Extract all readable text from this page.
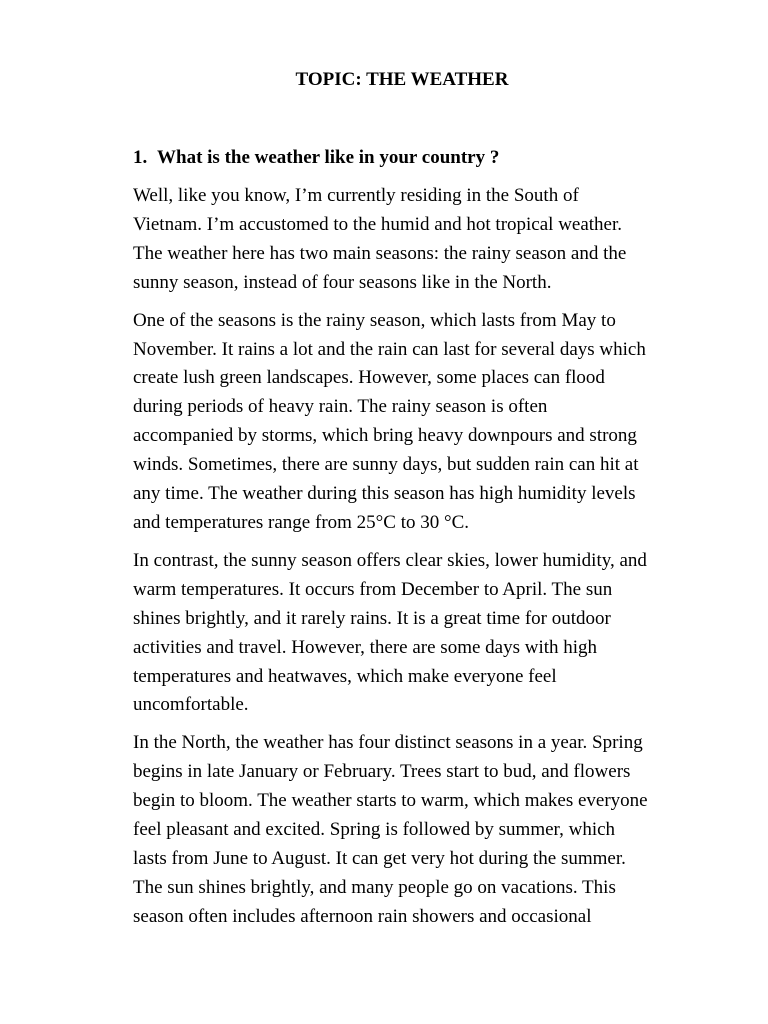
TOPIC: THE WEATHER
1. What is the weather like in your country ?

Well, like you know, I’m currently residing in the South of
Vietnam. I’m accustomed to the humid and hot tropical weather.
The weather here has two main seasons: the rainy season and the
sunny season, instead of four seasons like in the North.

One of the seasons is the rainy season, which lasts from May to
November. It rains a lot and the rain can last for several days which
create lush green landscapes. However, some places can flood
during periods of heavy rain. The rainy season is often
accompanied by storms, which bring heavy downpours and strong
winds. Sometimes, there are sunny days, but sudden rain can hit at
any time. The weather during this season has high humidity levels
and temperatures range from 25°C to 30 °C.

In contrast, the sunny season offers clear skies, lower humidity, and
warm temperatures. It occurs from December to April. The sun
shines brightly, and it rarely rains. It is a great time for outdoor
activities and travel. However, there are some days with high
temperatures and heatwaves, which make everyone feel
uncomfortable.

In the North, the weather has four distinct seasons in a year. Spring
begins in late January or February. Trees start to bud, and flowers
begin to bloom. The weather starts to warm, which makes everyone
feel pleasant and excited. Spring is followed by summer, which
lasts from June to August. It can get very hot during the summer.
The sun shines brightly, and many people go on vacations. This
season often includes afternoon rain showers and occasional
